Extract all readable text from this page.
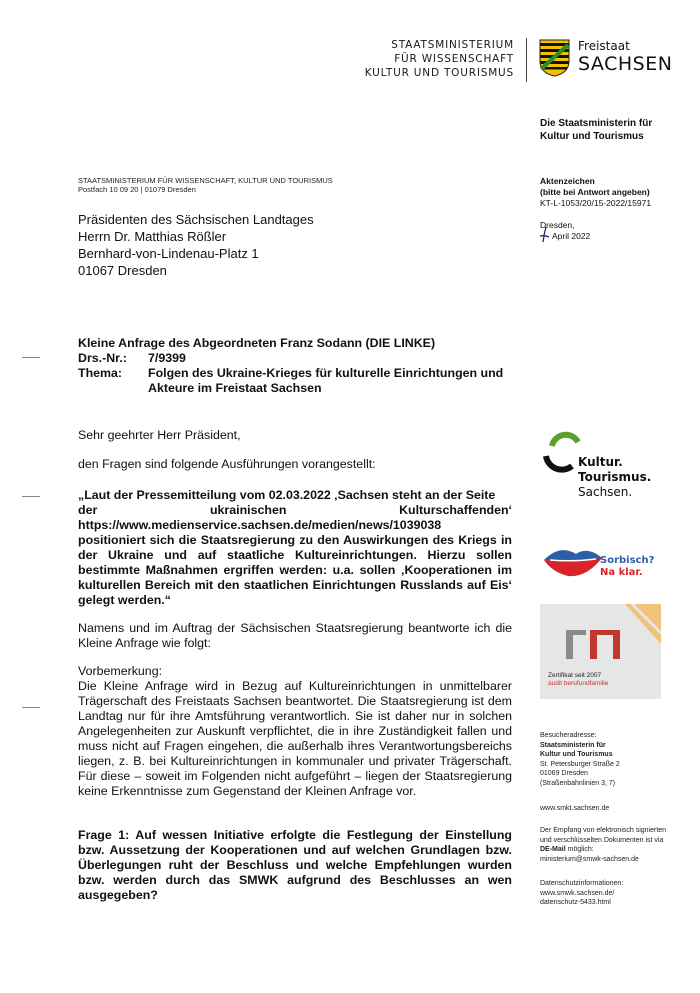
STAATSMINISTERIUM
FÜR WISSENSCHAFT
KULTUR UND TOURISMUS
Freistaat
SACHSEN
Die Staatsministerin für
Kultur und Tourismus
STAATSMINISTERIUM FÜR WISSENSCHAFT, KULTUR UND TOURISMUS
Postfach 10 09 20 | 01079 Dresden
Aktenzeichen
(bitte bei Antwort angeben)
KT-L-1053/20/15-2022/15971
Dresden,
April 2022
Präsidenten des Sächsischen Landtages
Herrn Dr. Matthias Rößler
Bernhard-von-Lindenau-Platz 1
01067 Dresden
Kleine Anfrage des Abgeordneten Franz Sodann (DIE LINKE)
Drs.-Nr.:	7/9399
Thema:	Folgen des Ukraine-Krieges für kulturelle Einrichtungen und Akteure im Freistaat Sachsen
Sehr geehrter Herr Präsident,
den Fragen sind folgende Ausführungen vorangestellt:
„Laut der Pressemitteilung vom 02.03.2022 ‚Sachsen steht an der Seite
der	ukrainischen	Kulturschaffenden‘
https://www.medienservice.sachsen.de/medien/news/1039038 positioniert sich die Staatsregierung zu den Auswirkungen des Kriegs in der Ukraine und auf staatliche Kultureinrichtungen. Hierzu sollen bestimmte Maßnahmen ergriffen werden: u.a. sollen ‚Kooperationen im kulturellen Bereich mit den staatlichen Einrichtungen Russlands auf Eis‘ gelegt werden.“
Namens und im Auftrag der Sächsischen Staatsregierung beantworte ich die Kleine Anfrage wie folgt:
Vorbemerkung:
Die Kleine Anfrage wird in Bezug auf Kultureinrichtungen in unmittelbarer Trägerschaft des Freistaats Sachsen beantwortet. Die Staatsregierung ist dem Landtag nur für ihre Amtsführung verantwortlich. Sie ist daher nur in solchen Angelegenheiten zur Auskunft verpflichtet, die in ihre Zuständigkeit fallen und muss nicht auf Fragen eingehen, die außerhalb ihres Verantwortungsbereichs liegen, z. B. bei Kultureinrichtungen in kommunaler und privater Trägerschaft. Für diese – soweit im Folgenden nicht aufgeführt – liegen der Staatsregierung keine Erkenntnisse zum Gegenstand der Kleinen Anfrage vor.
Frage 1: Auf wessen Initiative erfolgte die Festlegung der Einstellung bzw. Aussetzung der Kooperationen und auf welchen Grundlagen bzw. Überlegungen ruht der Beschluss und welche Empfehlungen wurden bzw. werden durch das SMWK aufgrund des Beschlusses an wen ausgegeben?
Kultur.
Tourismus.
Sachsen.
Sorbisch?
Na klar.
Zertifikat seit 2007
audit berufundfamilie
Besucheradresse:
Staatsministerin für
Kultur und Tourismus
St. Petersburger Straße 2
01069 Dresden
(Straßenbahnlinien 3, 7)
www.smkt.sachsen.de
Der Empfang von elektronisch signierten
und verschlüsselten Dokumenten ist via
DE-Mail möglich:
ministerium@smwk-sachsen.de
Datenschutzinformationen:
www.smwk.sachsen.de/
datenschutz-5433.html
